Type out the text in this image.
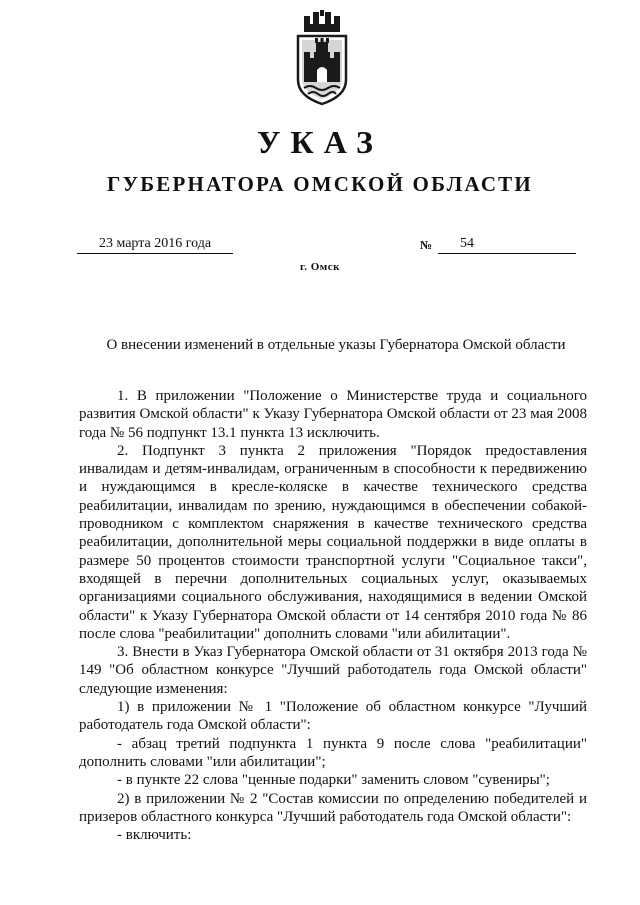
УКАЗ
ГУБЕРНАТОРА ОМСКОЙ ОБЛАСТИ
23 марта 2016 года	№	54
г. Омск
О внесении изменений в отдельные указы Губернатора Омской области

1. В приложении "Положение о Министерстве труда и социального развития Омской области" к Указу Губернатора Омской области от 23 мая 2008 года № 56 подпункт 13.1 пункта 13 исключить.

2. Подпункт 3 пункта 2 приложения "Порядок предоставления инвалидам и детям-инвалидам, ограниченным в способности к передвижению и нуждающимся в кресле-коляске в качестве технического средства реабилитации, инвалидам по зрению, нуждающимся в обеспечении собакой-проводником с комплектом снаряжения в качестве технического средства реабилитации, дополнительной меры социальной поддержки в виде оплаты в размере 50 процентов стоимости транспортной услуги "Социальное такси", входящей в перечни дополнительных социальных услуг, оказываемых организациями социального обслуживания, находящимися в ведении Омской области" к Указу Губернатора Омской области от 14 сентября 2010 года № 86 после слова "реабилитации" дополнить словами "или абилитации".

3. Внести в Указ Губернатора Омской области от 31 октября 2013 года № 149 "Об областном конкурсе "Лучший работодатель года Омской области" следующие изменения:

1) в приложении № 1 "Положение об областном конкурсе "Лучший работодатель года Омской области":

- абзац третий подпункта 1 пункта 9 после слова "реабилитации" дополнить словами "или абилитации";

- в пункте 22 слова "ценные подарки" заменить словом "сувениры";

2) в приложении № 2 "Состав комиссии по определению победителей и призеров областного конкурса "Лучший работодатель года Омской области":

- включить:
